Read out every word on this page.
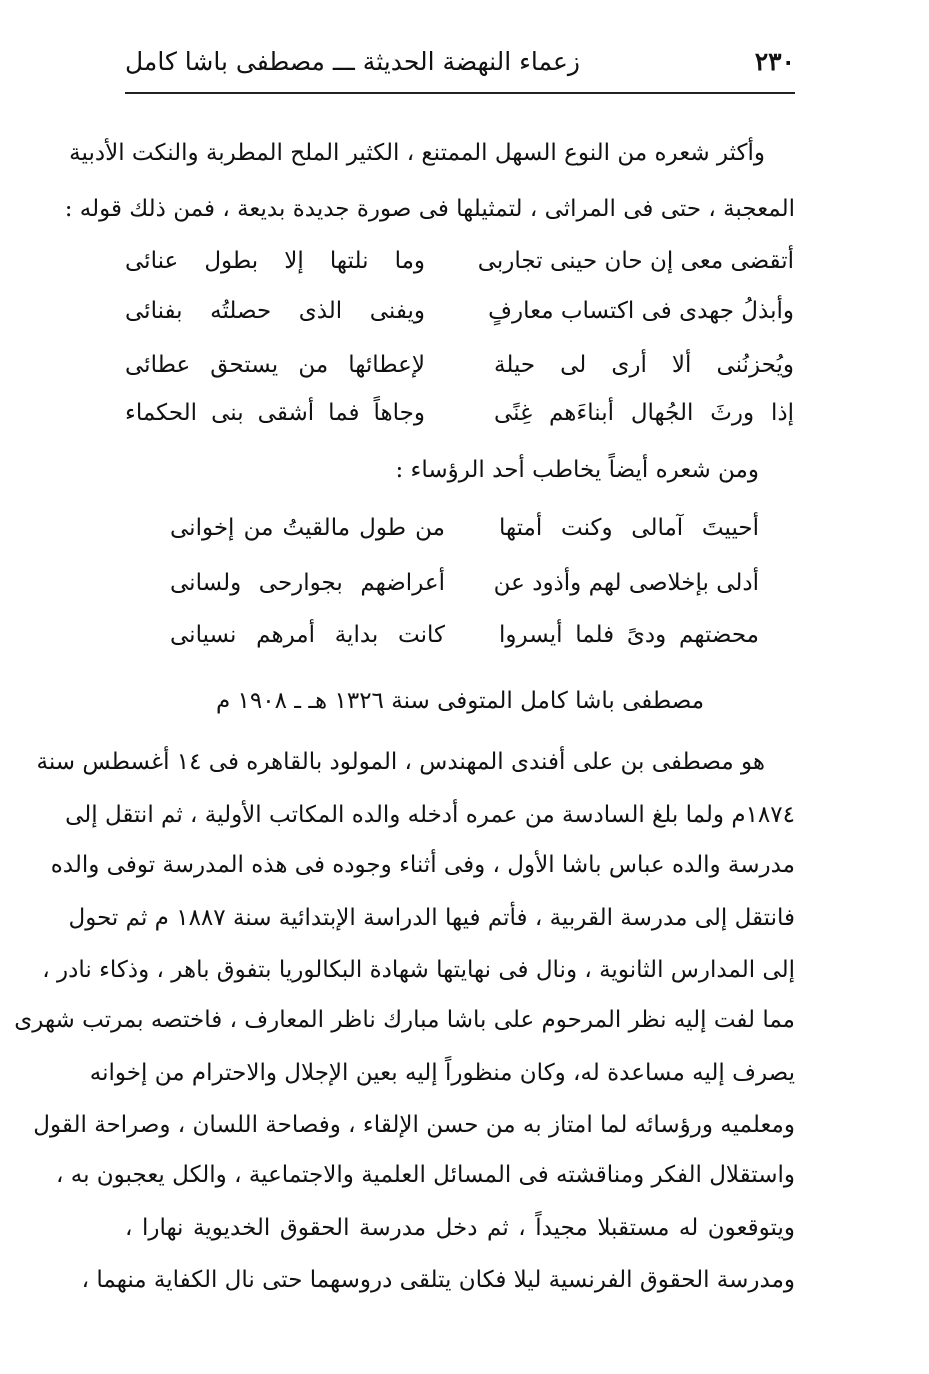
٢٣٠
زعماء النهضة الحديثة ـــ مصطفى باشا كامل
وأكثر شعره من النوع السهل الممتنع ، الكثير الملح المطربة والنكت الأدبية
المعجبة ، حتى فى المراثى ، لتمثيلها فى صورة جديدة بديعة ، فمن ذلك قوله :
أتقضى معى إن حان حينى تجاربى
وما نلتها إلا بطول عنائى
وأبذلُ جهدى فى اكتساب معارفٍ
ويفنى الذى حصلتُه بفنائى
ويُحزنُنى ألا أرى لى حيلة
لإعطائها من يستحق عطائى
إذا ورثَ الجُهال أبناءَهم غِنًى
وجاهاً فما أشقى بنى الحكماء
ومن شعره أيضاً يخاطب أحد الرؤساء :
أحييتَ آمالى وكنت أمتها
من طول مالقيتُ من إخوانى
أدلى بإخلاصى لهم وأذود عن
أعراضهم بجوارحى ولسانى
محضتهم ودىً فلما أيسروا
كانت بداية أمرهم نسيانى
مصطفى باشا كامل المتوفى سنة ١٣٢٦ هـ ـ ١٩٠٨ م
هو مصطفى بن على أفندى المهندس ، المولود بالقاهره فى ١٤ أغسطس سنة
١٨٧٤م ولما بلغ السادسة من عمره أدخله والده المكاتب الأولية ، ثم انتقل إلى
مدرسة والده عباس باشا الأول ، وفى أثناء وجوده فى هذه المدرسة توفى والده
فانتقل إلى مدرسة القربية ، فأتم فيها الدراسة الإبتدائية سنة ١٨٨٧ م ثم تحول
إلى المدارس الثانوية ، ونال فى نهايتها شهادة البكالوريا بتفوق باهر ، وذكاء نادر ،
مما لفت إليه نظر المرحوم على باشا مبارك ناظر المعارف ، فاختصه بمرتب شهرى
يصرف إليه مساعدة له، وكان منظوراً إليه بعين الإجلال والاحترام من إخوانه
ومعلميه ورؤسائه لما امتاز به من حسن الإلقاء ، وفصاحة اللسان ، وصراحة القول
واستقلال الفكر ومناقشته فى المسائل العلمية والاجتماعية ، والكل يعجبون به ،
ويتوقعون له مستقبلا مجيداً ، ثم دخل مدرسة الحقوق الخديوية نهارا ،
ومدرسة الحقوق الفرنسية ليلا فكان يتلقى دروسهما حتى نال الكفاية منهما ،
